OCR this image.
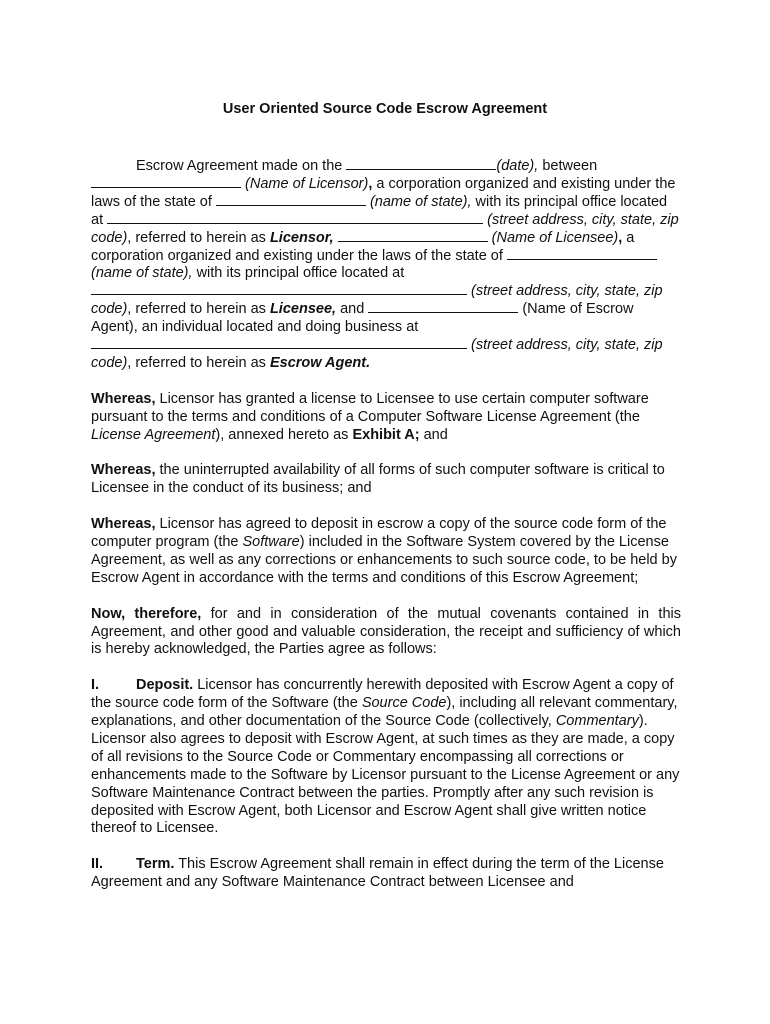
User Oriented Source Code Escrow Agreement

Escrow Agreement made on the	(date), between  (Name of Licensor), a corporation organized and existing under the laws of the state of	(name of state), with its principal office located at	(street address, city, state, zip code), referred to herein as Licensor,	(Name of Licensee), a corporation organized and existing under the laws of the state of  (name of state), with its principal office located at  (street address, city, state, zip code), referred to herein as Licensee, and	(Name of Escrow Agent), an individual located and doing business at  (street address, city, state, zip code), referred to herein as Escrow Agent.

Whereas, Licensor has granted a license to Licensee to use certain computer software pursuant to the terms and conditions of a Computer Software License Agreement (the License Agreement), annexed hereto as Exhibit A; and

Whereas, the uninterrupted availability of all forms of such computer software is critical to Licensee in the conduct of its business; and

Whereas, Licensor has agreed to deposit in escrow a copy of the source code form of the computer program (the Software) included in the Software System covered by the License Agreement, as well as any corrections or enhancements to such source code, to be held by Escrow Agent in accordance with the terms and conditions of this Escrow Agreement;

Now, therefore, for and in consideration of the mutual covenants contained in this Agreement, and other good and valuable consideration, the receipt and sufficiency of which is hereby acknowledged, the Parties agree as follows:

I.	Deposit. Licensor has concurrently herewith deposited with Escrow Agent a copy of the source code form of the Software (the Source Code), including all relevant commentary, explanations, and other documentation of the Source Code (collectively, Commentary). Licensor also agrees to deposit with Escrow Agent, at such times as they are made, a copy of all revisions to the Source Code or Commentary encompassing all corrections or enhancements made to the Software by Licensor pursuant to the License Agreement or any Software Maintenance Contract between the parties. Promptly after any such revision is deposited with Escrow Agent, both Licensor and Escrow Agent shall give written notice thereof to Licensee.

II. Term. This Escrow Agreement shall remain in effect during the term of the License Agreement and any Software Maintenance Contract between Licensee and
